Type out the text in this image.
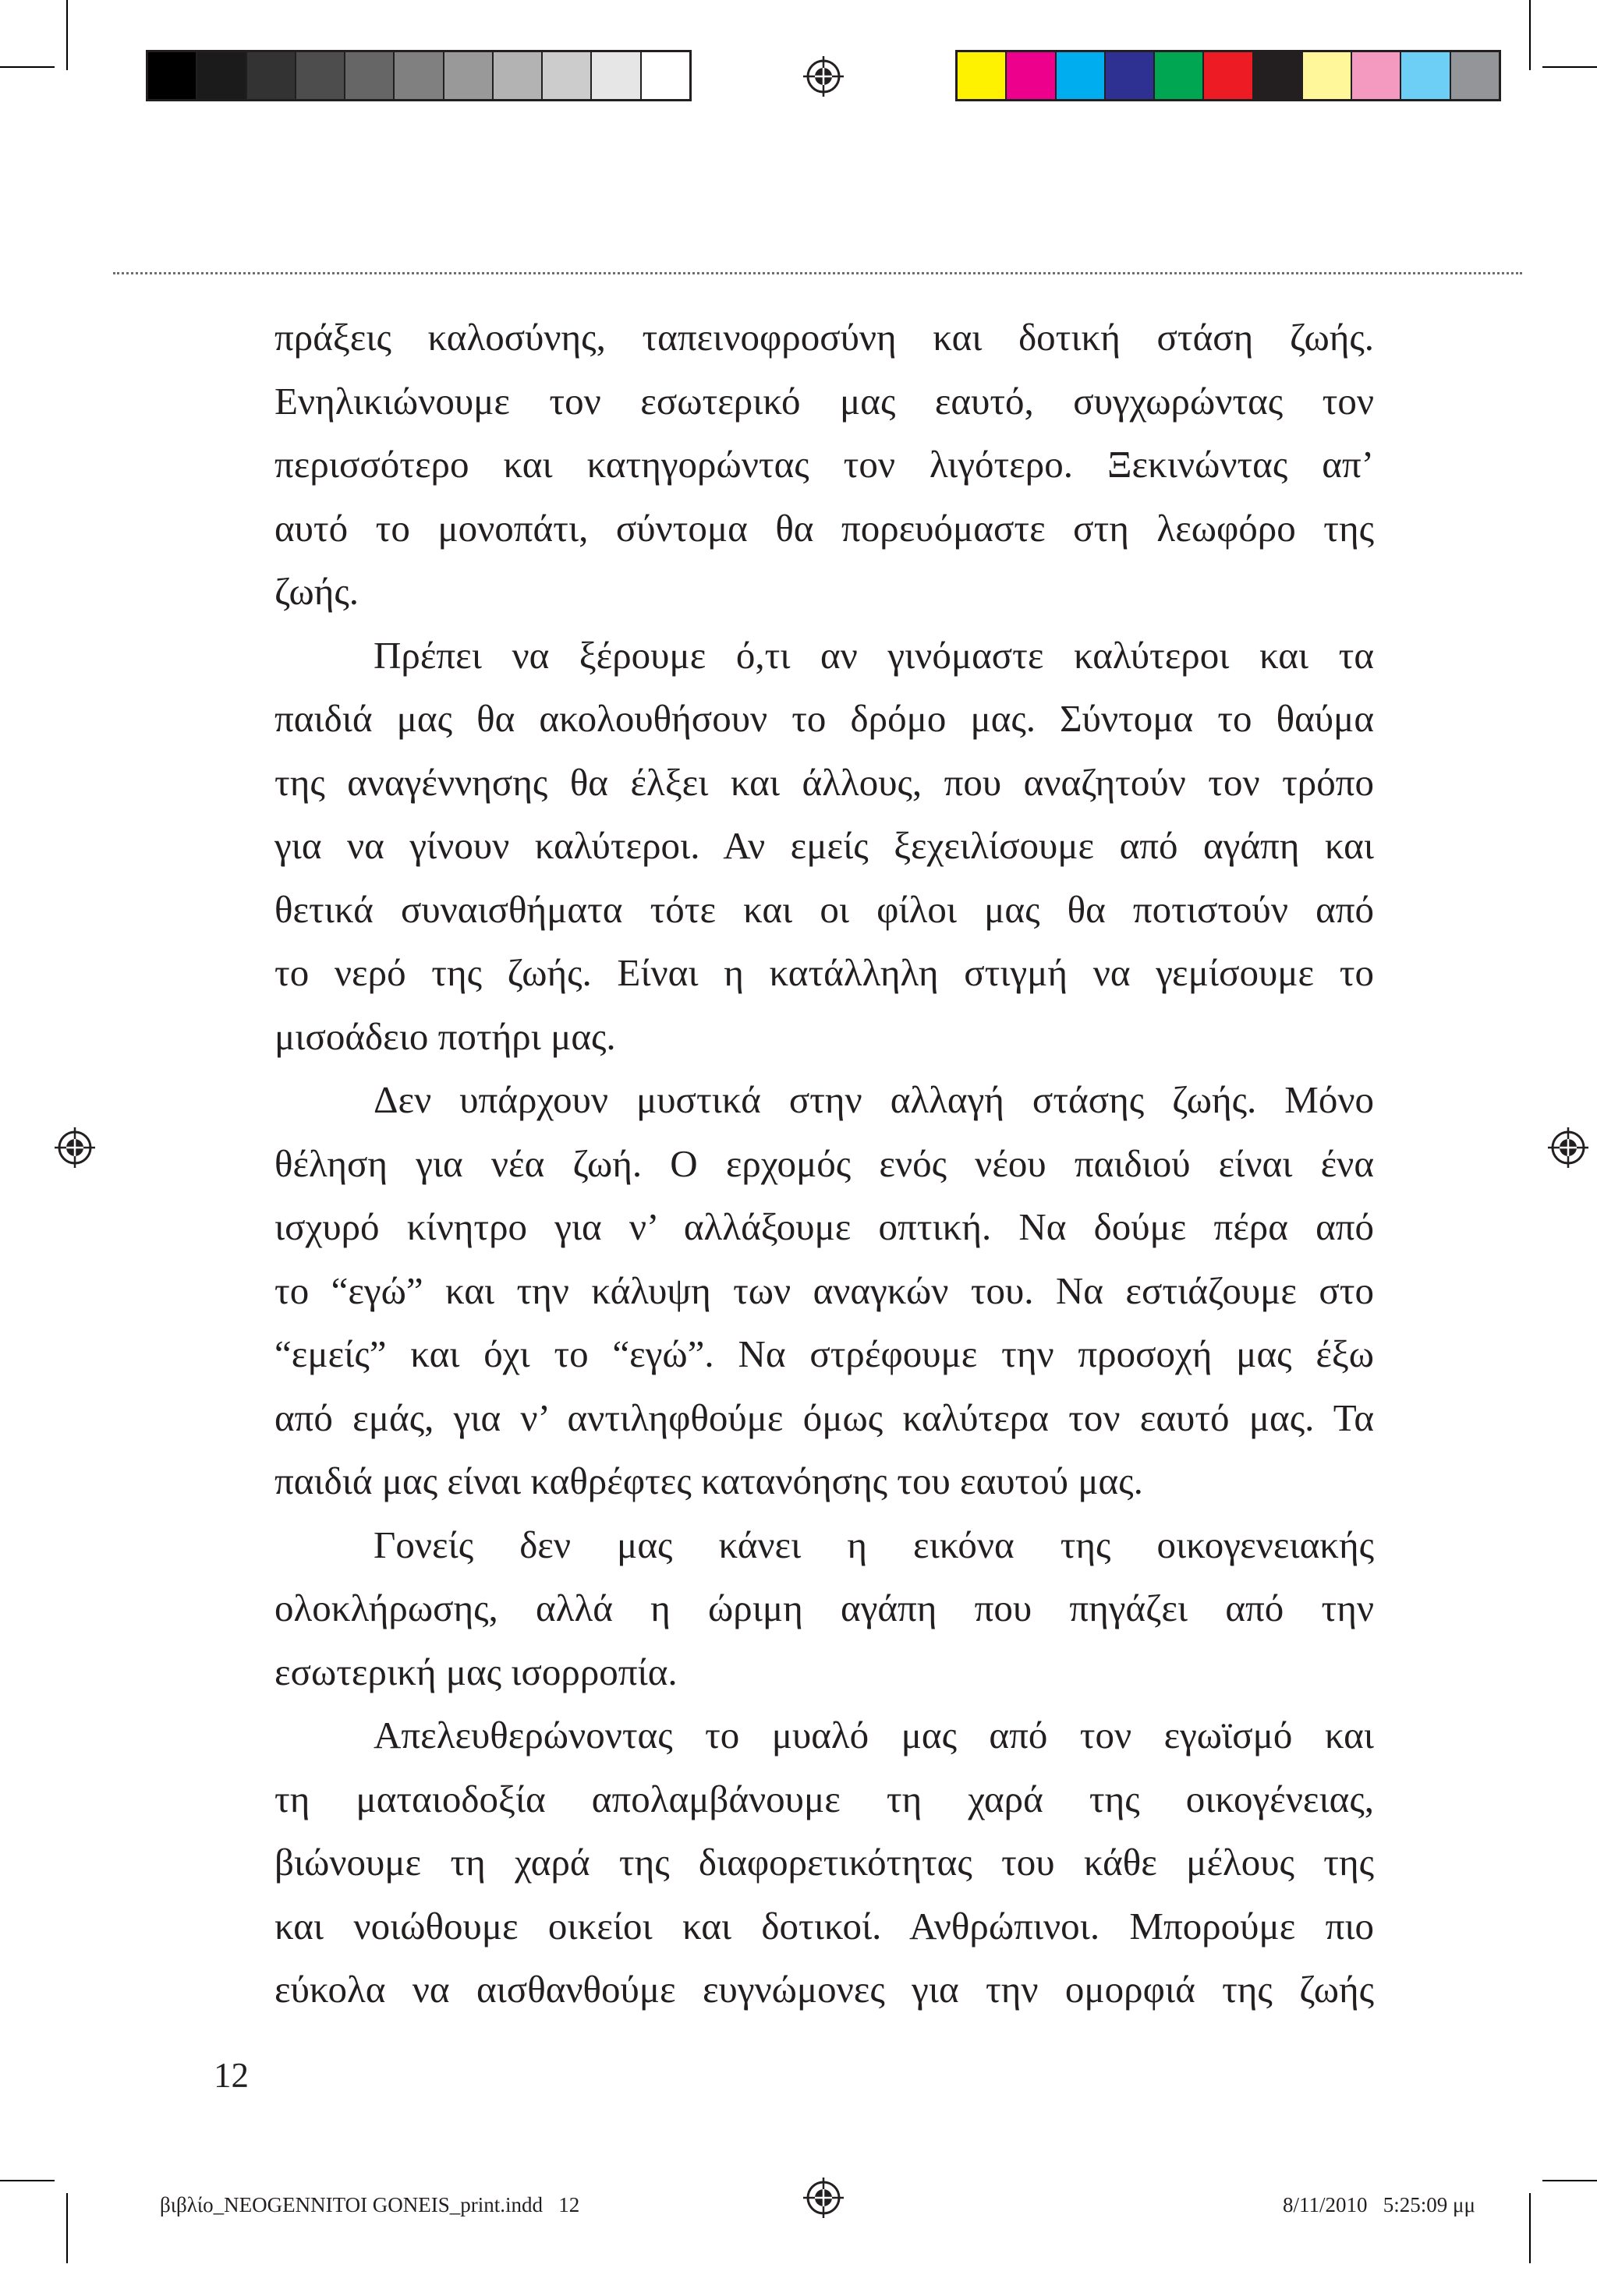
πράξεις καλοσύνης, ταπεινοφροσύνη και δοτική στάση ζωής.

Ενηλικιώνουμε τον εσωτερικό μας εαυτό, συγχωρώντας τον

περισσότερο και κατηγορώντας τον λιγότερο. Ξεκινώντας απ’

αυτό το μονοπάτι, σύντομα θα πορευόμαστε στη λεωφόρο της

ζωής.

Πρέπει να ξέρουμε ό,τι αν γινόμαστε καλύτεροι και τα

παιδιά μας θα ακολουθήσουν το δρόμο μας. Σύντομα το θαύμα

της αναγέννησης θα έλξει και άλλους, που αναζητούν τον τρόπο

για να γίνουν καλύτεροι. Αν εμείς ξεχειλίσουμε από αγάπη και

θετικά συναισθήματα τότε και οι φίλοι μας θα ποτιστούν από

το νερό της ζωής. Είναι η κατάλληλη στιγμή να γεμίσουμε το

μισοάδειο ποτήρι μας.

Δεν υπάρχουν μυστικά στην αλλαγή στάσης ζωής. Μόνο

θέληση για νέα ζωή. Ο ερχομός ενός νέου παιδιού είναι ένα

ισχυρό κίνητρο για ν’ αλλάξουμε οπτική. Να δούμε πέρα από

το “εγώ” και την κάλυψη των αναγκών του. Να εστιάζουμε στο

“εμείς” και όχι το “εγώ”. Να στρέφουμε την προσοχή μας έξω

από εμάς, για ν’ αντιληφθούμε όμως καλύτερα τον εαυτό μας. Τα

παιδιά μας είναι καθρέφτες κατανόησης του εαυτού μας.

Γονείς δεν μας κάνει η εικόνα της οικογενειακής

ολοκλήρωσης, αλλά η ώριμη αγάπη που πηγάζει από την

εσωτερική μας ισορροπία.

Απελευθερώνοντας το μυαλό μας από τον εγωϊσμό και

τη ματαιοδοξία απολαμβάνουμε τη χαρά της οικογένειας,

βιώνουμε τη χαρά της διαφορετικότητας του κάθε μέλους της

και νοιώθουμε οικείοι και δοτικοί. Ανθρώπινοι. Μπορούμε πιο

εύκολα να αισθανθούμε ευγνώμονες για την ομορφιά της ζωής

12
βιβλίο_NEOGENNITOI GONEIS_print.indd   12	8/11/2010   5:25:09 μμ
